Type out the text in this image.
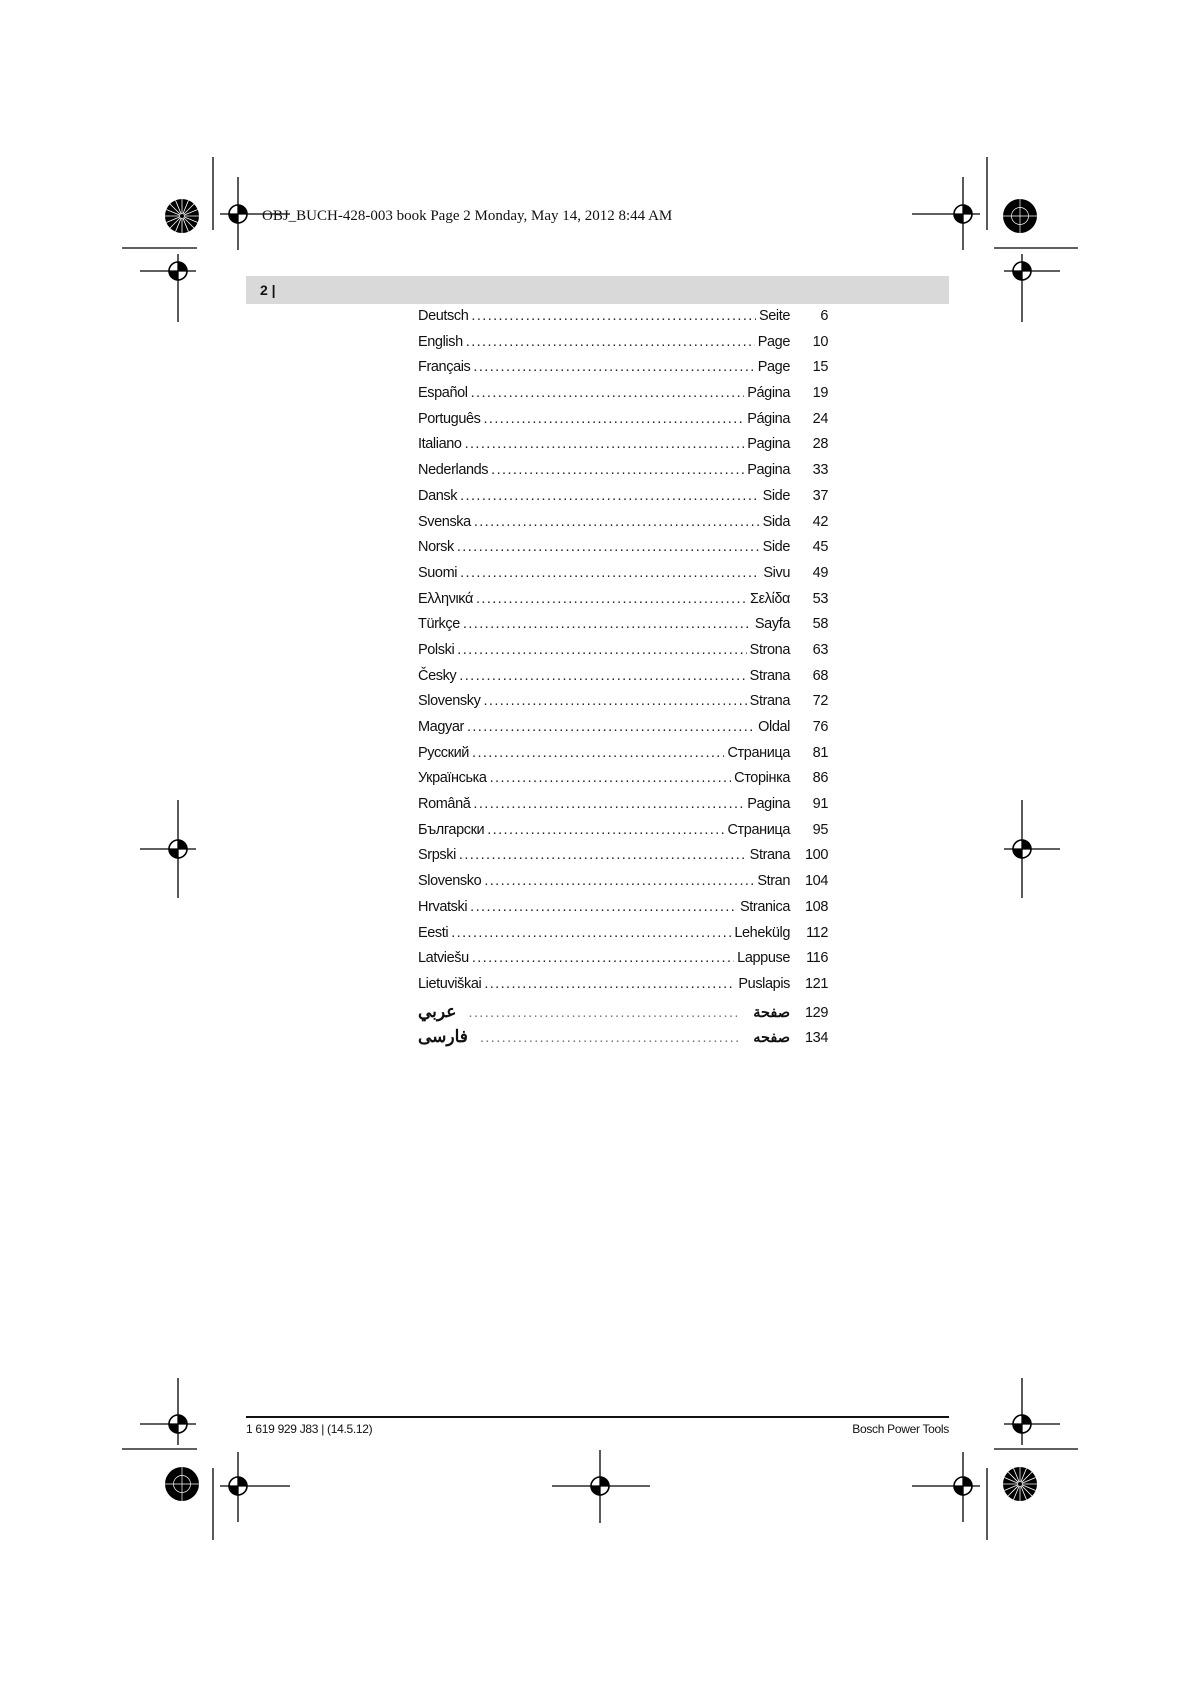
OBJ_BUCH-428-003 book Page 2 Monday, May 14, 2012 8:44 AM
2 |
Deutsch .....	Seite	6
English .....	Page	10
Français .....	Page	15
Español .....	Página	19
Português .....	Página	24
Italiano .....	Pagina	28
Nederlands .....	Pagina	33
Dansk .....	Side	37
Svenska .....	Sida	42
Norsk .....	Side	45
Suomi .....	Sivu	49
Ελληνικά .....	Σελίδα	53
Türkçe .....	Sayfa	58
Polski .....	Strona	63
Česky .....	Strana	68
Slovensky .....	Strana	72
Magyar .....	Oldal	76
Русский .....	Страница	81
Українська .....	Сторінка	86
Română .....	Pagina	91
Български .....	Страница	95
Srpski .....	Strana	100
Slovensko .....	Stran	104
Hrvatski .....	Stranica	108
Eesti .....	Lehekülg	112
Latviešu .....	Lappuse	116
Lietuviškai .....	Puslapis	121
عربي .....	صفحة	129
فارسی .....	صفحه	134
1 619 929 J83 | (14.5.12)	Bosch Power Tools
